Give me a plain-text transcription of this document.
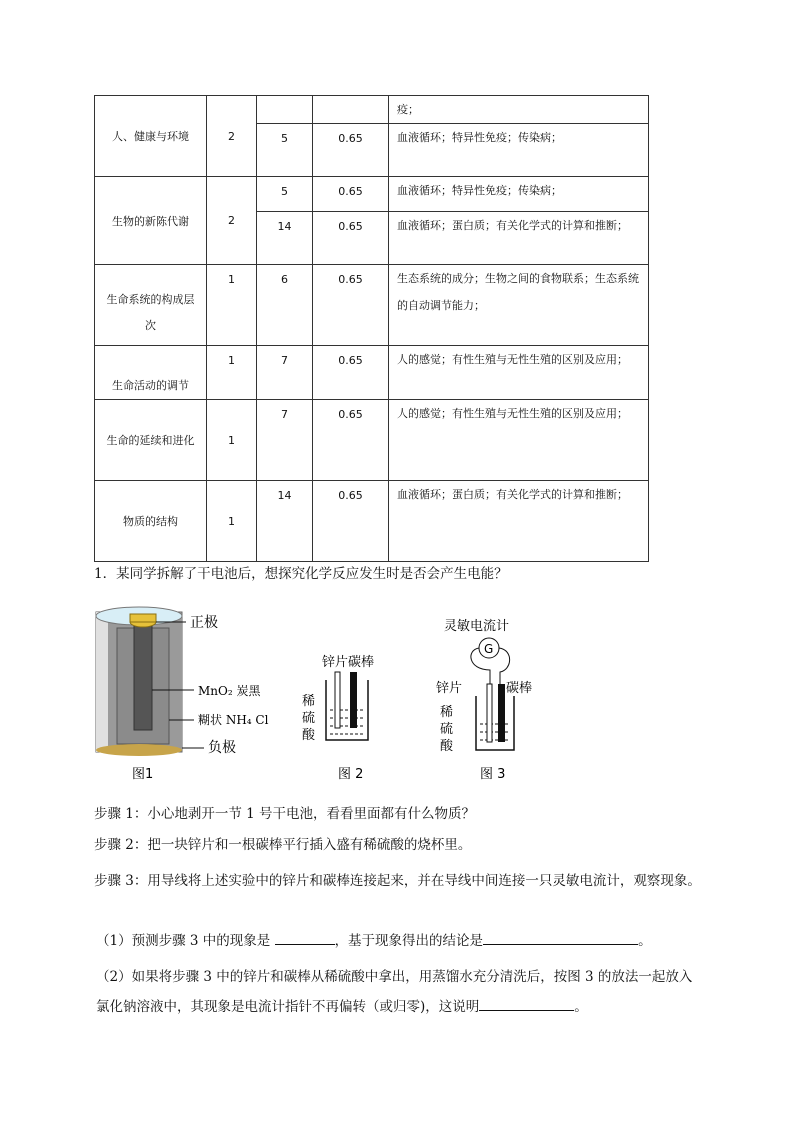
人、健康与环境	2			疫；

		5	0.65	血液循环；特异性免疫；传染病；
生物的新陈代谢	2	5	0.65	血液循环；特异性免疫；传染病；

		14	0.65	血液循环；蛋白质；有关化学式的计算和推断；
生命系统的构成层次	1	6	0.65	生态系统的成分；生物之间的食物联系；生态系统的自动调节能力；
生命活动的调节	1	7	0.65	人的感觉；有性生殖与无性生殖的区别及应用；
生命的延续和进化	1	7	0.65	人的感觉；有性生殖与无性生殖的区别及应用；
物质的结构	1	14	0.65	血液循环；蛋白质；有关化学式的计算和推断；
1．某同学拆解了干电池后，想探究化学反应发生时是否会产生电能？
正极
MnO₂ 炭黑
糊状 NH₄ Cl
负极
图1
锌片碳棒
稀
硫
酸
图 2
灵敏电流计
G
锌片	碳棒
稀
硫
酸
图 3
步骤 1：小心地剥开一节 1 号干电池，看看里面都有什么物质？
步骤 2：把一块锌片和一根碳棒平行插入盛有稀硫酸的烧杯里。
步骤 3：用导线将上述实验中的锌片和碳棒连接起来，并在导线中间连接一只灵敏电流计，观察现象。
（1）预测步骤 3 中的现象是	，基于现象得出的结论是	。
（2）如果将步骤 3 中的锌片和碳棒从稀硫酸中拿出，用蒸馏水充分清洗后，按图 3 的放法一起放入氯化钠溶液中，其现象是电流计指针不再偏转（或归零)，这说明	。
